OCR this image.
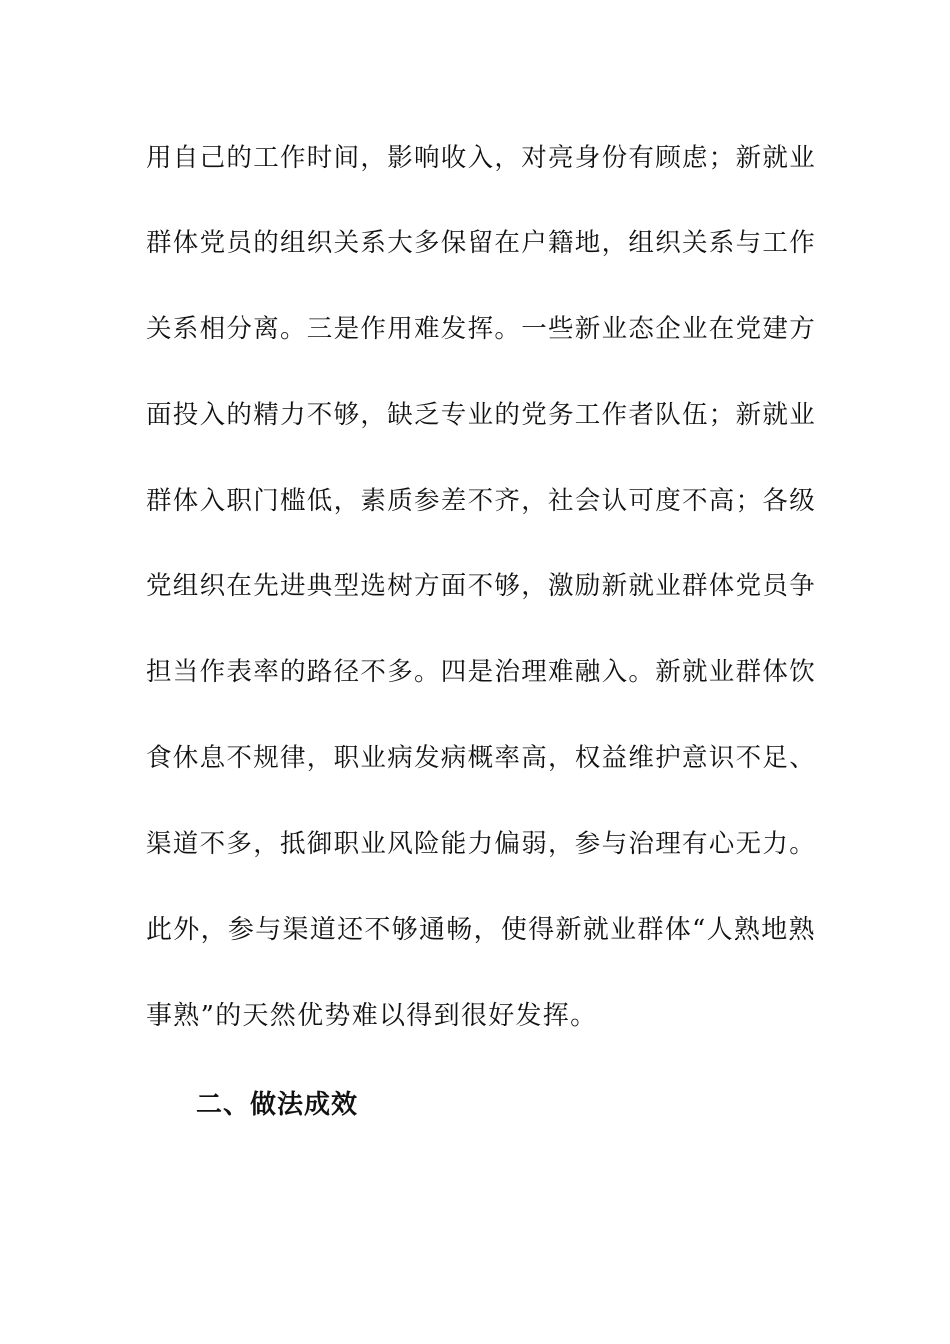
用自己的工作时间，影响收入，对亮身份有顾虑；新就业
群体党员的组织关系大多保留在户籍地，组织关系与工作
关系相分离。三是作用难发挥。一些新业态企业在党建方
面投入的精力不够，缺乏专业的党务工作者队伍；新就业
群体入职门槛低，素质参差不齐，社会认可度不高；各级
党组织在先进典型选树方面不够，激励新就业群体党员争
担当作表率的路径不多。四是治理难融入。新就业群体饮
食休息不规律，职业病发病概率高，权益维护意识不足、
渠道不多，抵御职业风险能力偏弱，参与治理有心无力。
此外，参与渠道还不够通畅，使得新就业群体“人熟地熟
事熟”的天然优势难以得到很好发挥。
二、做法成效
